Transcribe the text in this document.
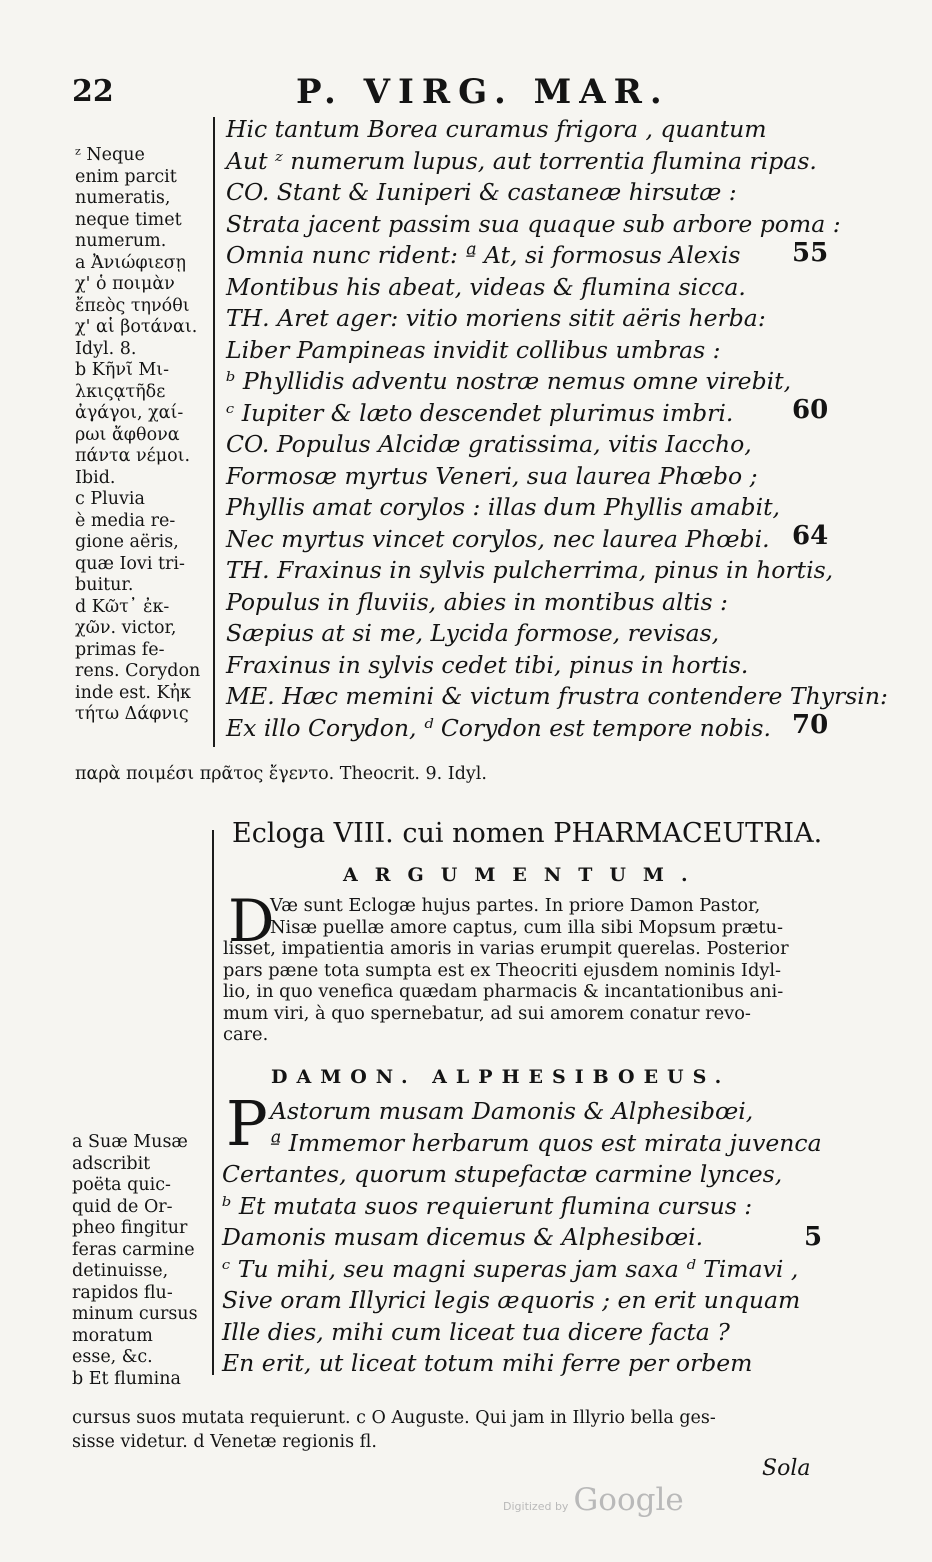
22	P. VIRG. MAR.
ᶻ Neque
enim parcit
numeratis,
neque timet
numerum.
a Ἀνιώφιεσῃ
χ' ὁ ποιμὰν
ἔπεὸς τηνόθι
χ' αἱ βοτάναι.
Idyl. 8.
b Κῆνῖ Μι-
λκιςᾳτῆδε
ἀγάγοι, χαί-
ρωι ἄφθονα
πάντα νέμοι.
Ibid.
c Pluvia
è media re-
gione aëris,
quæ Iovi tri-
buitur.
d Κῶτ᾽ ἐκ-
χῶν. victor,
primas fe-
rens. Corydon
inde est. Κἠκ
τήτω Δάφνις
παρὰ ποιμέσι πρᾶτος ἔγεντο. Theocrit. 9. Idyl.
Hic tantum Borea curamus frigora , quantum
Aut ᶻ numerum lupus, aut torrentia flumina ripas.
CO. Stant & Iuniperi & castaneæ hirsutæ :
Strata jacent passim sua quaque sub arbore poma :
Omnia nunc rident: ª At, si formosus Alexis
Montibus his abeat, videas & flumina sicca.
TH. Aret ager: vitio moriens sitit aëris herba:
Liber Pampineas invidit collibus umbras :
ᵇ Phyllidis adventu nostræ nemus omne virebit,
ᶜ Iupiter & læto descendet plurimus imbri.
CO. Populus Alcidæ gratissima, vitis Iaccho,
Formosæ myrtus Veneri, sua laurea Phœbo ;
Phyllis amat corylos : illas dum Phyllis amabit,
Nec myrtus vincet corylos, nec laurea Phœbi.
TH. Fraxinus in sylvis pulcherrima, pinus in hortis,
Populus in fluviis, abies in montibus altis :
Sæpius at si me, Lycida formose, revisas,
Fraxinus in sylvis cedet tibi, pinus in hortis.
ME. Hæc memini & victum frustra contendere Thyrsin:
Ex illo Corydon, ᵈ Corydon est tempore nobis.
55
60
64
70
Ecloga VIII. cui nomen PHARMACEUTRIA.
ARGUMENTUM.
D
Væ sunt Eclogæ hujus partes. In priore Damon Pastor,
Nisæ puellæ amore captus, cum illa sibi Mopsum prætu-
lisset, impatientia amoris in varias erumpit querelas. Posterior
pars pæne tota sumpta est ex Theocriti ejusdem nominis Idyl-
lio, in quo venefica quædam pharmacis & incantationibus ani-
mum viri, à quo spernebatur, ad sui amorem conatur revo-
care.
DAMON. ALPHESIBOEUS.
P Astorum musam Damonis & Alphesibœi,
ª Immemor herbarum quos est mirata juvenca
Certantes, quorum stupefactæ carmine lynces,
ᵇ Et mutata suos requierunt flumina cursus :
Damonis musam dicemus & Alphesibœi.
ᶜ Tu mihi, seu magni superas jam saxa ᵈ Timavi ,
Sive oram Illyrici legis æquoris ; en erit unquam
Ille dies, mihi cum liceat tua dicere facta ?
En erit, ut liceat totum mihi ferre per orbem
5
a Suæ Musæ
adscribit
poëta quic-
quid de Or-
pheo fingitur
feras carmine
detinuisse,
rapidos flu-
minum cursus
moratum
esse, &c.
b Et flumina
cursus suos mutata requierunt. c O Auguste. Qui jam in Illyrio bella ges-
sisse videtur. d Venetæ regionis fl.
Sola
Digitized by Google
